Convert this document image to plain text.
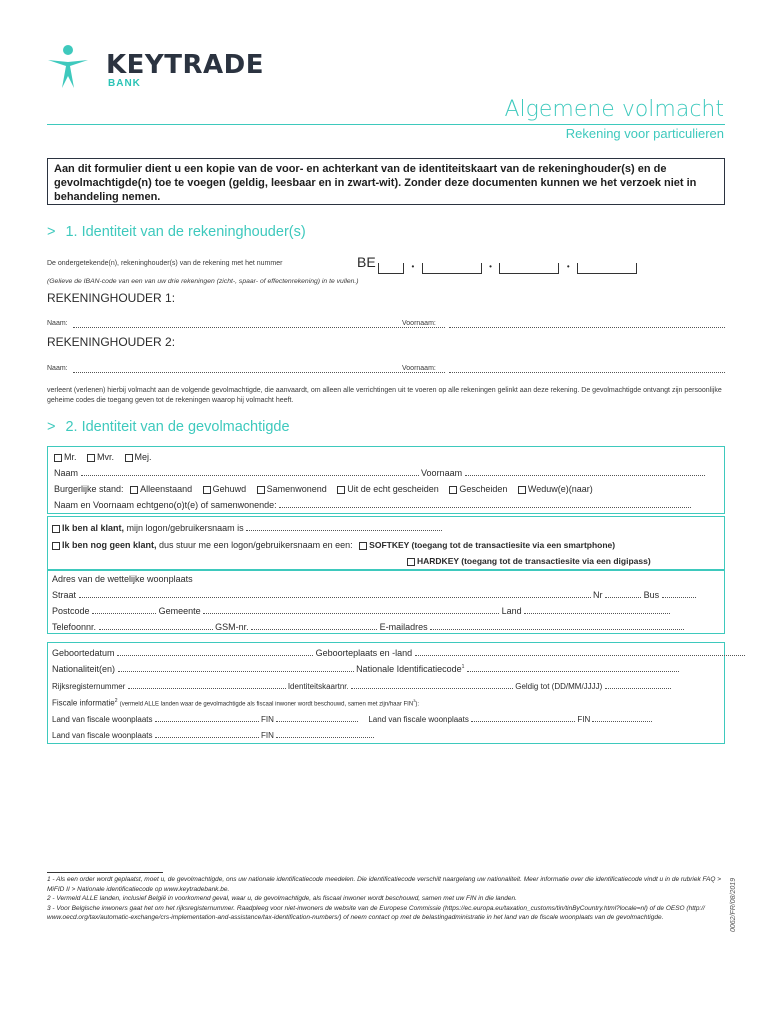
KEYTRADE
BANK
Algemene volmacht
Rekening voor particulieren
Aan dit formulier dient u een kopie van de voor- en achterkant van de identiteitskaart van de rekeninghouder(s) en de gevolmachtigde(n) toe te voegen (geldig, leesbaar en in zwart-wit). Zonder deze documenten kunnen we het verzoek niet in behandeling nemen.
> 1. Identiteit van de rekeninghouder(s)
De ondergetekende(n), rekeninghouder(s) van de rekening met het nummer	BE	•	•	•
(Gelieve de IBAN-code van een van uw drie rekeningen (zicht-, spaar- of effectenrekening) in te vullen.)
REKENINGHOUDER 1:
Naam:	Voornaam:
REKENINGHOUDER 2:
Naam:	Voornaam:
verleent (verlenen) hierbij volmacht aan de volgende gevolmachtigde, die aanvaardt, om alleen alle verrichtingen uit te voeren op alle rekeningen gelinkt aan deze rekening. De gevolmachtigde ontvangt zijn persoonlijke geheime codes die toegang geven tot de rekeningen waarop hij volmacht heeft.
> 2. Identiteit van de gevolmachtigde
Mr. Mvr. Mej.
Naam	Voornaam
Burgerlijke stand: Alleenstaand Gehuwd Samenwonend Uit de echt gescheiden Gescheiden Weduw(e)(naar)
Naam en Voornaam echtgeno(o)t(e) of samenwonende:
Ik ben al klant, mijn logon/gebruikersnaam is
Ik ben nog geen klant, dus stuur me een logon/gebruikersnaam en een: SOFTKEY (toegang tot de transactiesite via een smartphone)
HARDKEY (toegang tot de transactiesite via een digipass)
Adres van de wettelijke woonplaats
Straat	Nr	Bus
Postcode	Gemeente	Land
Telefoonnr.	GSM-nr.	E-mailadres
Geboortedatum	Geboorteplaats en -land
Nationaliteit(en)	Nationale Identificatiecode$^1$
Rijksregisternummer	Identiteitskaartnr.	Geldig tot (DD/MM/JJJJ)
Fiscale informatie$^2$ (vermeld ALLE landen waar de gevolmachtigde als fiscaal inwoner wordt beschouwd, samen met zijn/haar FIN$^3$):
Land van fiscale woonplaats	FIN	Land van fiscale woonplaats	FIN
Land van fiscale woonplaats	FIN
1 - Als een order wordt geplaatst, moet u, de gevolmachtigde, ons uw nationale identificatiecode meedelen. Die identificatiecode verschilt naargelang uw nationaliteit. Meer informatie over die identificatiecode vindt u in de rubriek FAQ > MiFID II > Nationale identificatiecode op www.keytradebank.be.
2 - Vermeld ALLE landen, inclusief België in voorkomend geval, waar u, de gevolmachtigde, als fiscaal inwoner wordt beschouwd, samen met uw FIN in die landen.
3 - Voor Belgische inwoners gaat het om het rijksregisternummer. Raadpleeg voor niet-inwoners de website van de Europese Commissie (https://ec.europa.eu/taxation_customs/tin/tinByCountry.html?locale=nl) of de OESO (http:// www.oecd.org/tax/automatic-exchange/crs-implementation-and-assistance/tax-identification-numbers/) of neem contact op met de belastingadministratie in het land van de fiscale woonplaats van de gevolmachtigde.	0062/FR/08/2019
